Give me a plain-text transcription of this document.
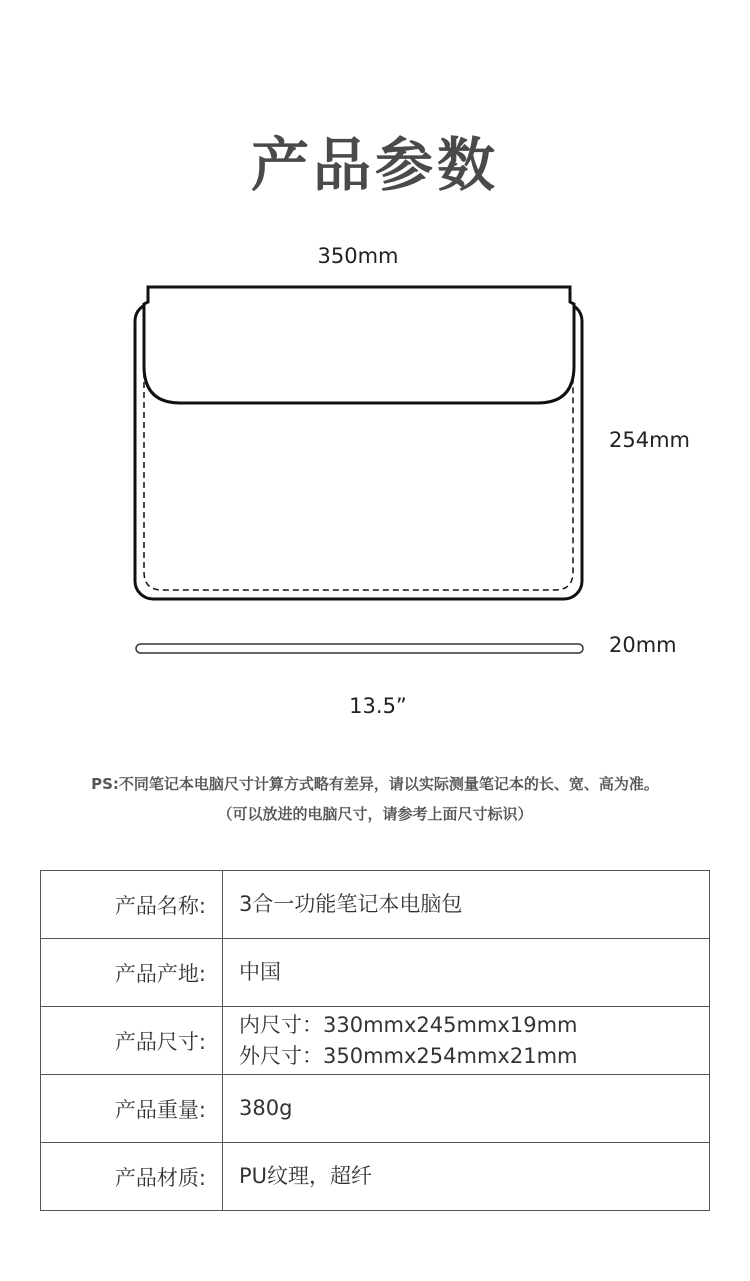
产品参数
350mm
254mm
20mm
13.5”
PS:不同笔记本电脑尺寸计算方式略有差异，请以实际测量笔记本的长、宽、高为准。
（可以放进的电脑尺寸，请参考上面尺寸标识）
产品名称:	3合一功能笔记本电脑包

产品产地:	中国

产品尺寸:	内尺寸：330mmx245mmx19mm
外尺寸：350mmx254mmx21mm

产品重量:	380g

产品材质:	PU纹理，超纤
